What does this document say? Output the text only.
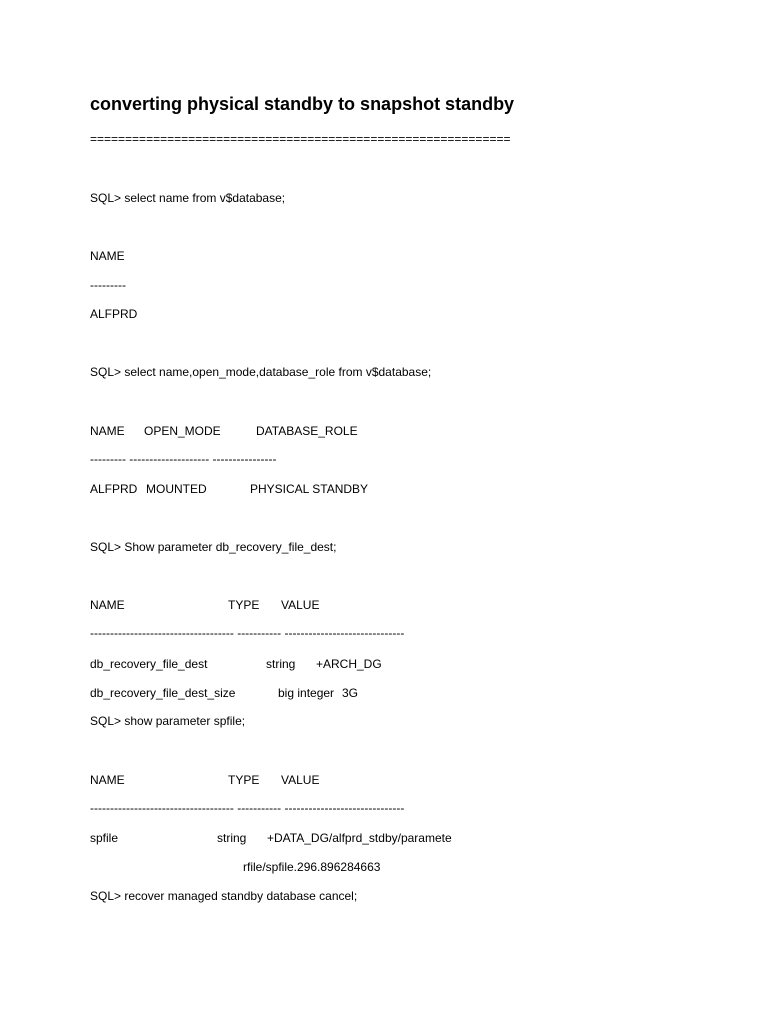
converting physical standby to snapshot standby
============================================================
SQL> select name from v$database;
NAME
---------
ALFPRD
SQL> select name,open_mode,database_role from v$database;
NAME OPEN_MODE	DATABASE_ROLE
--------- -------------------- ----------------
ALFPRD MOUNTED	PHYSICAL STANDBY
SQL> Show parameter db_recovery_file_dest;
NAME	TYPE VALUE
------------------------------------ ----------- ------------------------------
db_recovery_file_dest	string +ARCH_DG
db_recovery_file_dest_size	big integer 3G
SQL> show parameter spfile;
NAME	TYPE VALUE
------------------------------------ ----------- ------------------------------
spfile	string +DATA_DG/alfprd_stdby/paramete
rfile/spfile.296.896284663
SQL> recover managed standby database cancel;
